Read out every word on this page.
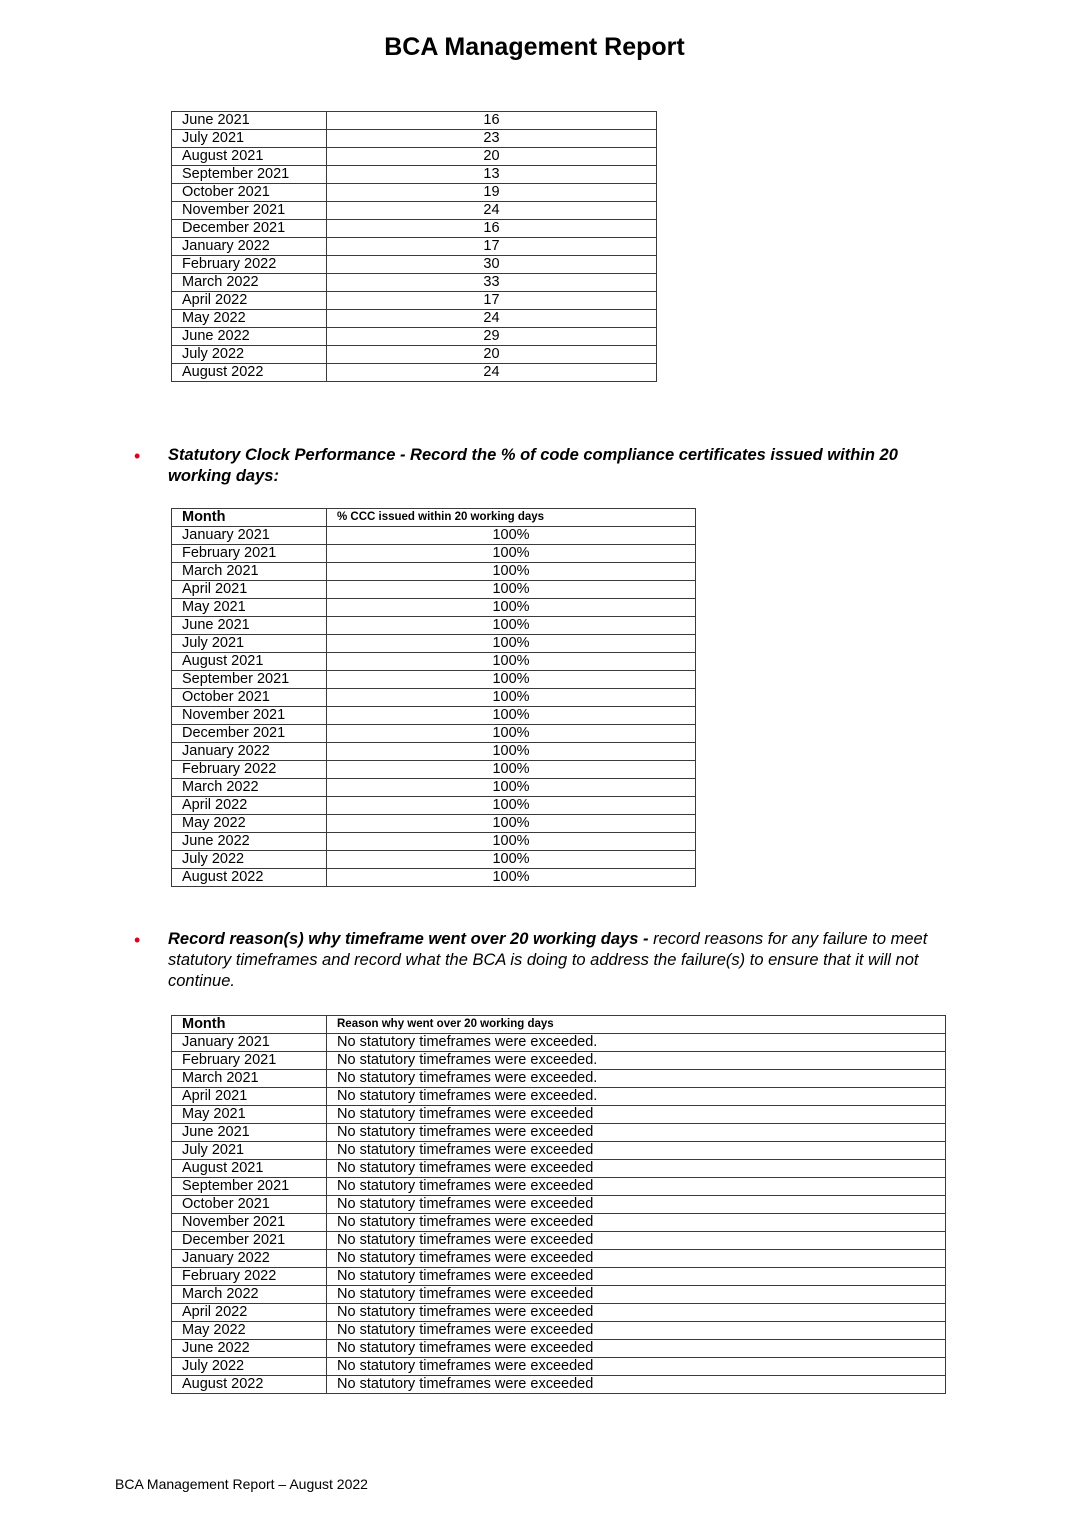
BCA Management Report
June 2021	16
July 2021	23
August 2021	20
September 2021	13
October 2021	19
November 2021	24
December 2021	16
January 2022	17
February 2022	30
March 2022	33
April 2022	17
May 2022	24
June 2022	29
July 2022	20
August 2022	24
• Statutory Clock Performance - Record the % of code compliance certificates issued within 20 working days:

Month	% CCC issued within 20 working days
January 2021	100%
February 2021	100%
March 2021	100%
April 2021	100%
May 2021	100%
June 2021	100%
July 2021	100%
August 2021	100%
September 2021	100%
October 2021	100%
November 2021	100%
December 2021	100%
January 2022	100%
February 2022	100%
March 2022	100%
April 2022	100%
May 2022	100%
June 2022	100%
July 2022	100%
August 2022	100%
• Record reason(s) why timeframe went over 20 working days - record reasons for any failure to meet statutory timeframes and record what the BCA is doing to address the failure(s) to ensure that it will not continue.

Month	Reason why went over 20 working days
January 2021	No statutory timeframes were exceeded.
February 2021	No statutory timeframes were exceeded.
March 2021	No statutory timeframes were exceeded.
April 2021	No statutory timeframes were exceeded.
May 2021	No statutory timeframes were exceeded
June 2021	No statutory timeframes were exceeded
July 2021	No statutory timeframes were exceeded
August 2021	No statutory timeframes were exceeded
September 2021	No statutory timeframes were exceeded
October 2021	No statutory timeframes were exceeded
November 2021	No statutory timeframes were exceeded
December 2021	No statutory timeframes were exceeded
January 2022	No statutory timeframes were exceeded
February 2022	No statutory timeframes were exceeded
March 2022	No statutory timeframes were exceeded
April 2022	No statutory timeframes were exceeded
May 2022	No statutory timeframes were exceeded
June 2022	No statutory timeframes were exceeded
July 2022	No statutory timeframes were exceeded
August 2022	No statutory timeframes were exceeded
BCA Management Report – August 2022
